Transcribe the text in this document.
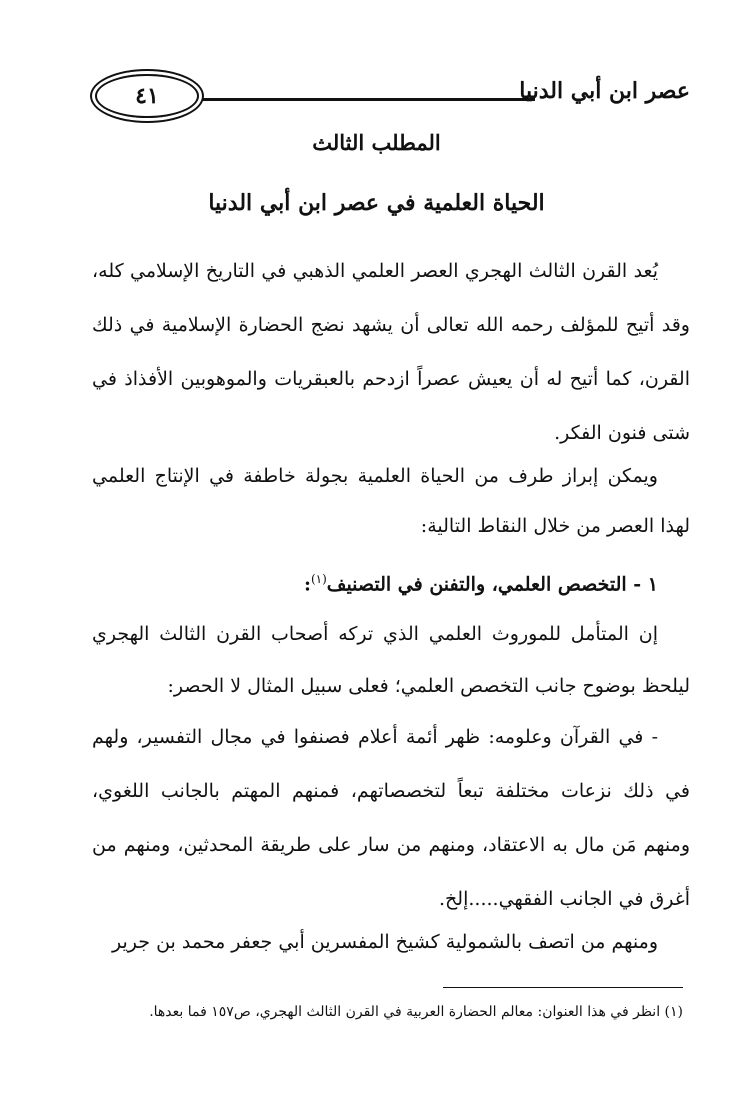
٤١	عصر ابن أبي الدنيا
المطلب الثالث
الحياة العلمية في عصر ابن أبي الدنيا
يُعد القرن الثالث الهجري العصر العلمي الذهبي في التاريخ الإسلامي كله، وقد أتيح للمؤلف رحمه الله تعالى أن يشهد نضج الحضارة الإسلامية في ذلك القرن، كما أتيح له أن يعيش عصراً ازدحم بالعبقريات والموهوبين الأفذاذ في شتى فنون الفكر.
ويمكن إبراز طرف من الحياة العلمية بجولة خاطفة في الإنتاج العلمي لهذا العصر من خلال النقاط التالية:
١ - التخصص العلمي، والتفنن في التصنيف$^{(١)}$:
إن المتأمل للموروث العلمي الذي تركه أصحاب القرن الثالث الهجري ليلحظ بوضوح جانب التخصص العلمي؛ فعلى سبيل المثال لا الحصر:
- في القرآن وعلومه: ظهر أئمة أعلام فصنفوا في مجال التفسير، ولهم في ذلك نزعات مختلفة تبعاً لتخصصاتهم، فمنهم المهتم بالجانب اللغوي، ومنهم مَن مال به الاعتقاد، ومنهم من سار على طريقة المحدثين، ومنهم من أغرق في الجانب الفقهي.....إلخ.
ومنهم من اتصف بالشمولية كشيخ المفسرين أبي جعفر محمد بن جرير
(١) انظر في هذا العنوان: معالم الحضارة العربية في القرن الثالث الهجري، ص١٥٧ فما بعدها.
